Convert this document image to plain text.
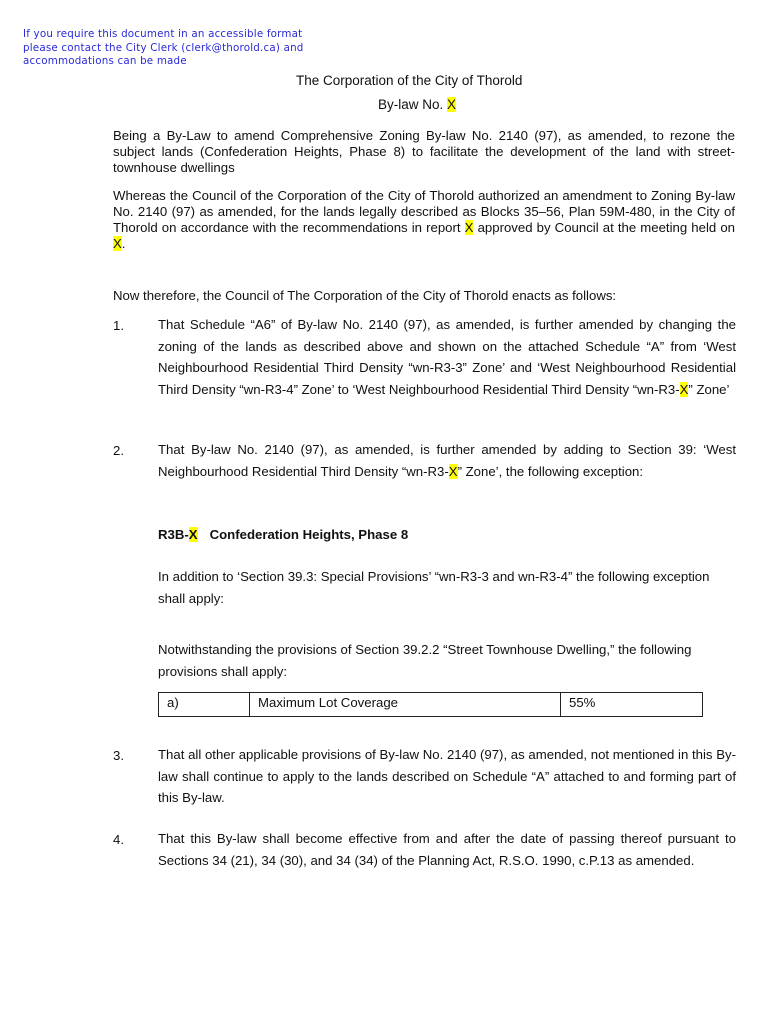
If you require this document in an accessible format please contact the City Clerk (clerk@thorold.ca) and accommodations can be made
The Corporation of the City of Thorold
By-law No. X
Being a By-Law to amend Comprehensive Zoning By-law No. 2140 (97), as amended, to rezone the subject lands (Confederation Heights, Phase 8) to facilitate the development of the land with street-townhouse dwellings
Whereas the Council of the Corporation of the City of Thorold authorized an amendment to Zoning By-law No. 2140 (97) as amended, for the lands legally described as Blocks 35–56, Plan 59M-480, in the City of Thorold on accordance with the recommendations in report X approved by Council at the meeting held on X.
Now therefore, the Council of The Corporation of the City of Thorold enacts as follows:
1.	That Schedule “A6” of By-law No. 2140 (97), as amended, is further amended by changing the zoning of the lands as described above and shown on the attached Schedule “A” from ‘West Neighbourhood Residential Third Density “wn-R3-3” Zone’ and ‘West Neighbourhood Residential Third Density “wn-R3-4” Zone’ to ‘West Neighbourhood Residential Third Density “wn-R3-X” Zone’
2.	That By-law No. 2140 (97), as amended, is further amended by adding to Section 39: ‘West Neighbourhood Residential Third Density “wn-R3-X” Zone’, the following exception:
R3B-X Confederation Heights, Phase 8
In addition to ‘Section 39.3: Special Provisions’ “wn-R3-3 and wn-R3-4” the following exception shall apply:
Notwithstanding the provisions of Section 39.2.2 “Street Townhouse Dwelling,” the following provisions shall apply:
a)	Maximum Lot Coverage	55%
3.	That all other applicable provisions of By-law No. 2140 (97), as amended, not mentioned in this By-law shall continue to apply to the lands described on Schedule “A” attached to and forming part of this By-law.
4.	That this By-law shall become effective from and after the date of passing thereof pursuant to Sections 34 (21), 34 (30), and 34 (34) of the Planning Act, R.S.O. 1990, c.P.13 as amended.
